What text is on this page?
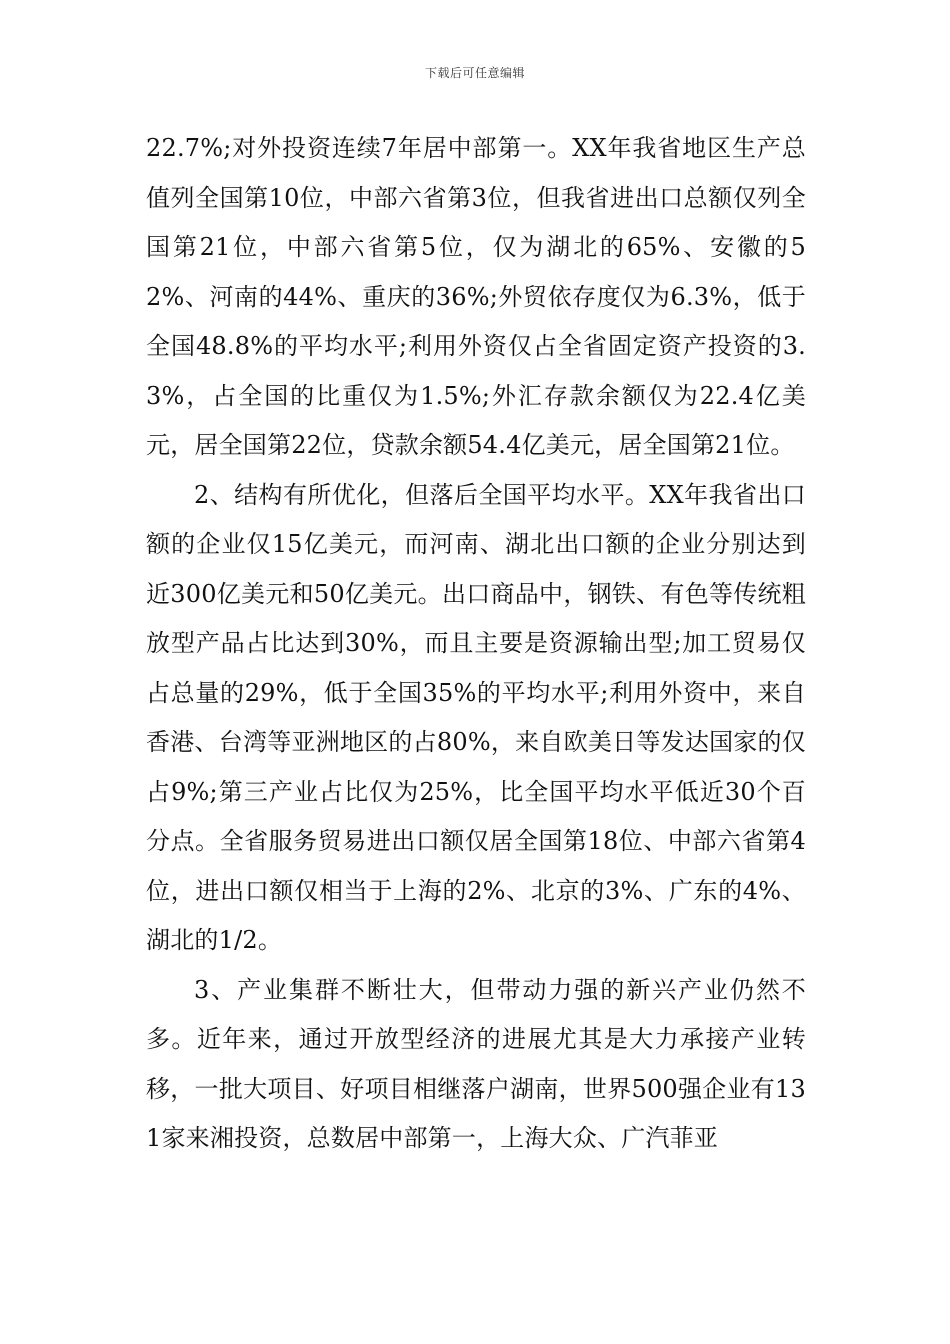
下载后可任意编辑

22.7%;对外投资连续7年居中部第一。XX年我省地区生产总值列全国第10位，中部六省第3位，但我省进出口总额仅列全国第21位，中部六省第5位，仅为湖北的65%、安徽的52%、河南的44%、重庆的36%;外贸依存度仅为6.3%，低于全国48.8%的平均水平;利用外资仅占全省固定资产投资的3.3%，占全国的比重仅为1.5%;外汇存款余额仅为22.4亿美元，居全国第22位，贷款余额54.4亿美元，居全国第21位。

2、结构有所优化，但落后全国平均水平。XX年我省出口额的企业仅15亿美元，而河南、湖北出口额的企业分别达到近300亿美元和50亿美元。出口商品中，钢铁、有色等传统粗放型产品占比达到30%，而且主要是资源输出型;加工贸易仅占总量的29%，低于全国35%的平均水平;利用外资中，来自香港、台湾等亚洲地区的占80%，来自欧美日等发达国家的仅占9%;第三产业占比仅为25%，比全国平均水平低近30个百分点。全省服务贸易进出口额仅居全国第18位、中部六省第4位，进出口额仅相当于上海的2%、北京的3%、广东的4%、湖北的1/2。

3、产业集群不断壮大，但带动力强的新兴产业仍然不多。近年来，通过开放型经济的进展尤其是大力承接产业转移，一批大项目、好项目相继落户湖南，世界500强企业有131家来湘投资，总数居中部第一，上海大众、广汽菲亚
